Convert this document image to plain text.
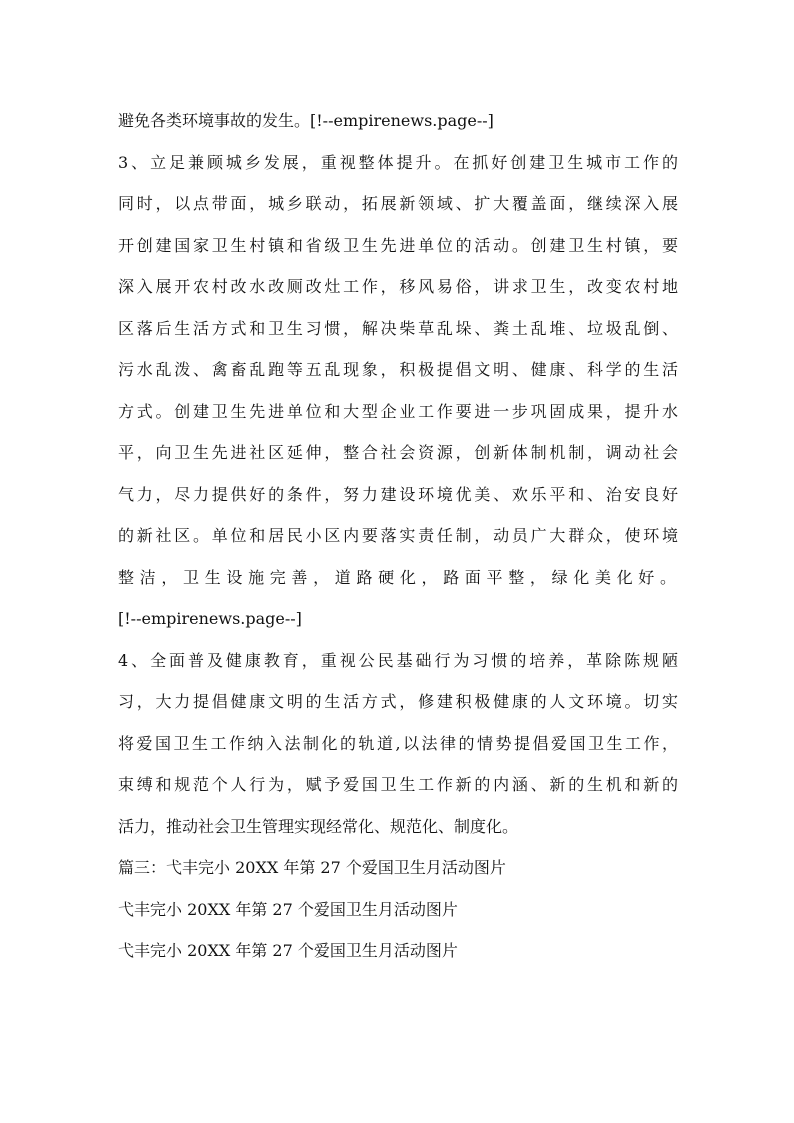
避免各类环境事故的发生。[!--empirenews.page--]
3、立足兼顾城乡发展，重视整体提升。在抓好创建卫生城市工作的
同时，以点带面，城乡联动，拓展新领域、扩大覆盖面，继续深入展
开创建国家卫生村镇和省级卫生先进单位的活动。创建卫生村镇，要
深入展开农村改水改厕改灶工作，移风易俗，讲求卫生，改变农村地
区落后生活方式和卫生习惯，解决柴草乱垛、粪土乱堆、垃圾乱倒、
污水乱泼、禽畜乱跑等五乱现象，积极提倡文明、健康、科学的生活
方式。创建卫生先进单位和大型企业工作要进一步巩固成果，提升水
平，向卫生先进社区延伸，整合社会资源，创新体制机制，调动社会
气力，尽力提供好的条件，努力建设环境优美、欢乐平和、治安良好
的新社区。单位和居民小区内要落实责任制，动员广大群众，使环境
整洁，卫生设施完善，道路硬化，路面平整，绿化美化好。
[!--empirenews.page--]
4、全面普及健康教育，重视公民基础行为习惯的培养，革除陈规陋
习，大力提倡健康文明的生活方式，修建积极健康的人文环境。切实
将爱国卫生工作纳入法制化的轨道,以法律的情势提倡爱国卫生工作，
束缚和规范个人行为，赋予爱国卫生工作新的内涵、新的生机和新的
活力，推动社会卫生管理实现经常化、规范化、制度化。
篇三：弋丰完小 20XX 年第 27 个爱国卫生月活动图片
弋丰完小 20XX 年第 27 个爱国卫生月活动图片
弋丰完小 20XX 年第 27 个爱国卫生月活动图片
